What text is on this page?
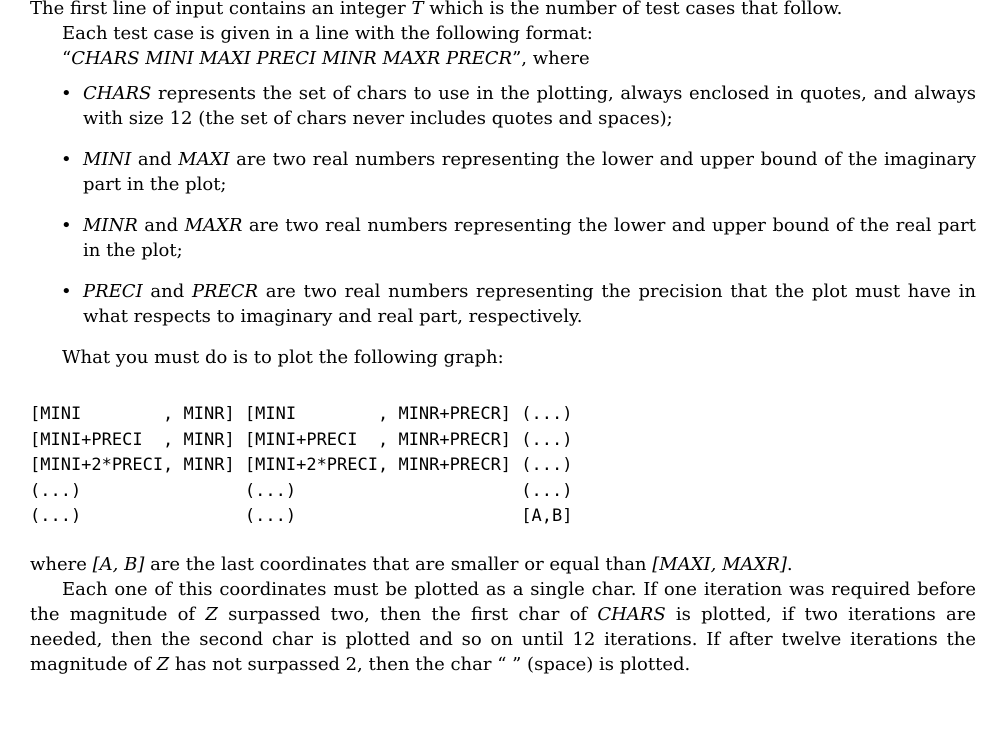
The first line of input contains an integer T which is the number of test cases that follow.

Each test case is given in a line with the following format:

“CHARS MINI MAXI PRECI MINR MAXR PRECR”, where

• CHARS represents the set of chars to use in the plotting, always enclosed in quotes, and always with size 12 (the set of chars never includes quotes and spaces);
• MINI and MAXI are two real numbers representing the lower and upper bound of the imaginary part in the plot;
• MINR and MAXR are two real numbers representing the lower and upper bound of the real part in the plot;
• PRECI and PRECR are two real numbers representing the precision that the plot must have in what respects to imaginary and real part, respectively.

What you must do is to plot the following graph:

[MINI        , MINR] [MINI        , MINR+PRECR] (...)
[MINI+PRECI  , MINR] [MINI+PRECI  , MINR+PRECR] (...)
[MINI+2*PRECI, MINR] [MINI+2*PRECI, MINR+PRECR] (...)
(...)                (...)                      (...)
(...)                (...)                      [A,B]

where [A, B] are the last coordinates that are smaller or equal than [MAXI, MAXR].

Each one of this coordinates must be plotted as a single char. If one iteration was required before the magnitude of Z surpassed two, then the first char of CHARS is plotted, if two iterations are needed, then the second char is plotted and so on until 12 iterations. If after twelve iterations the magnitude of Z has not surpassed 2, then the char “ ” (space) is plotted.
